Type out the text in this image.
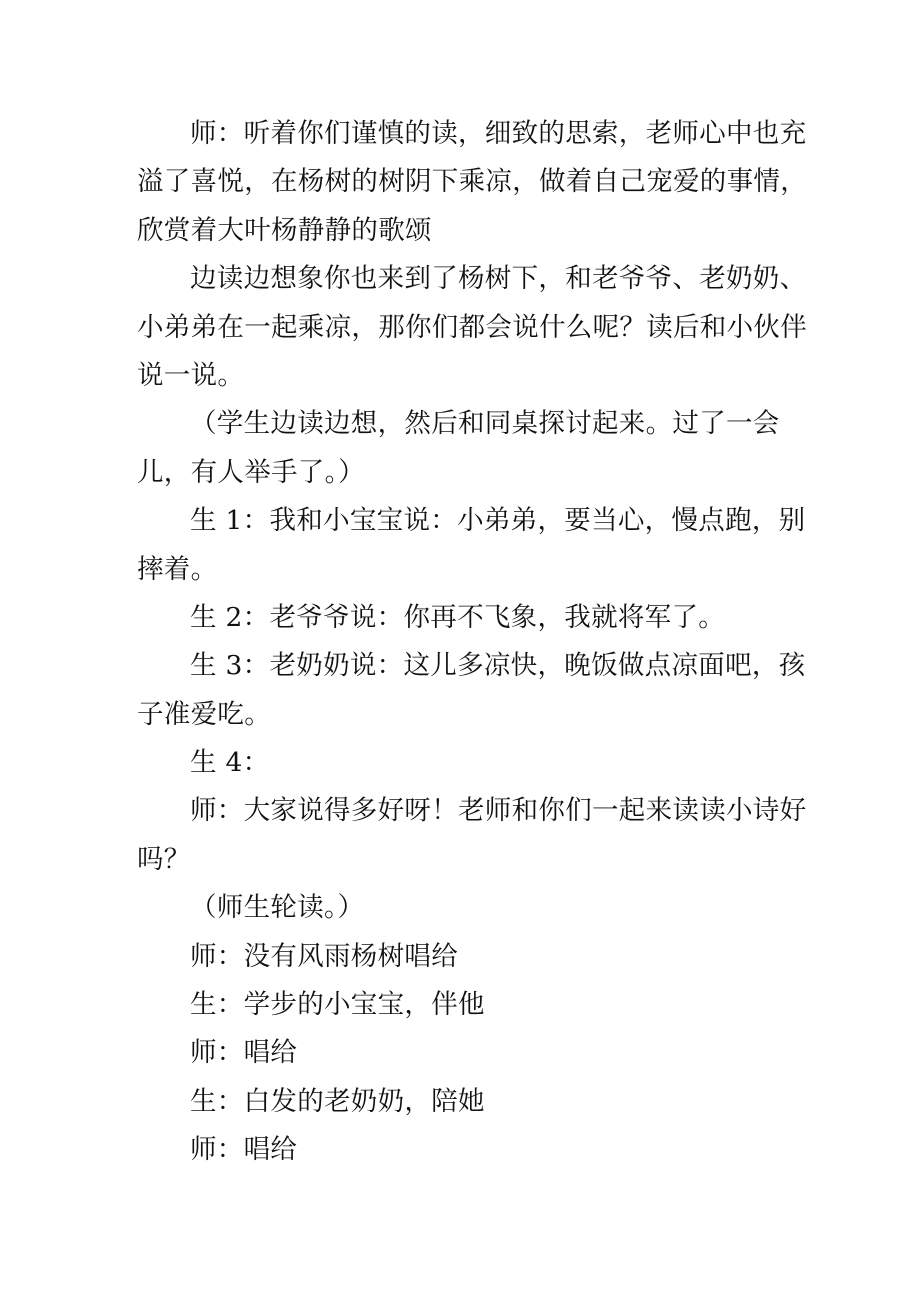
师：听着你们谨慎的读，细致的思索，老师心中也充
溢了喜悦，在杨树的树阴下乘凉，做着自己宠爱的事情，
欣赏着大叶杨静静的歌颂
边读边想象你也来到了杨树下，和老爷爷、老奶奶、
小弟弟在一起乘凉，那你们都会说什么呢？读后和小伙伴
说一说。
（学生边读边想，然后和同桌探讨起来。过了一会
儿，有人举手了。）
生 1：我和小宝宝说：小弟弟，要当心，慢点跑，别
摔着。
生 2：老爷爷说：你再不飞象，我就将军了。
生 3：老奶奶说：这儿多凉快，晚饭做点凉面吧，孩
子准爱吃。
生 4：
师：大家说得多好呀！老师和你们一起来读读小诗好
吗？
（师生轮读。）
师：没有风雨杨树唱给
生：学步的小宝宝，伴他
师：唱给
生：白发的老奶奶，陪她
师：唱给
